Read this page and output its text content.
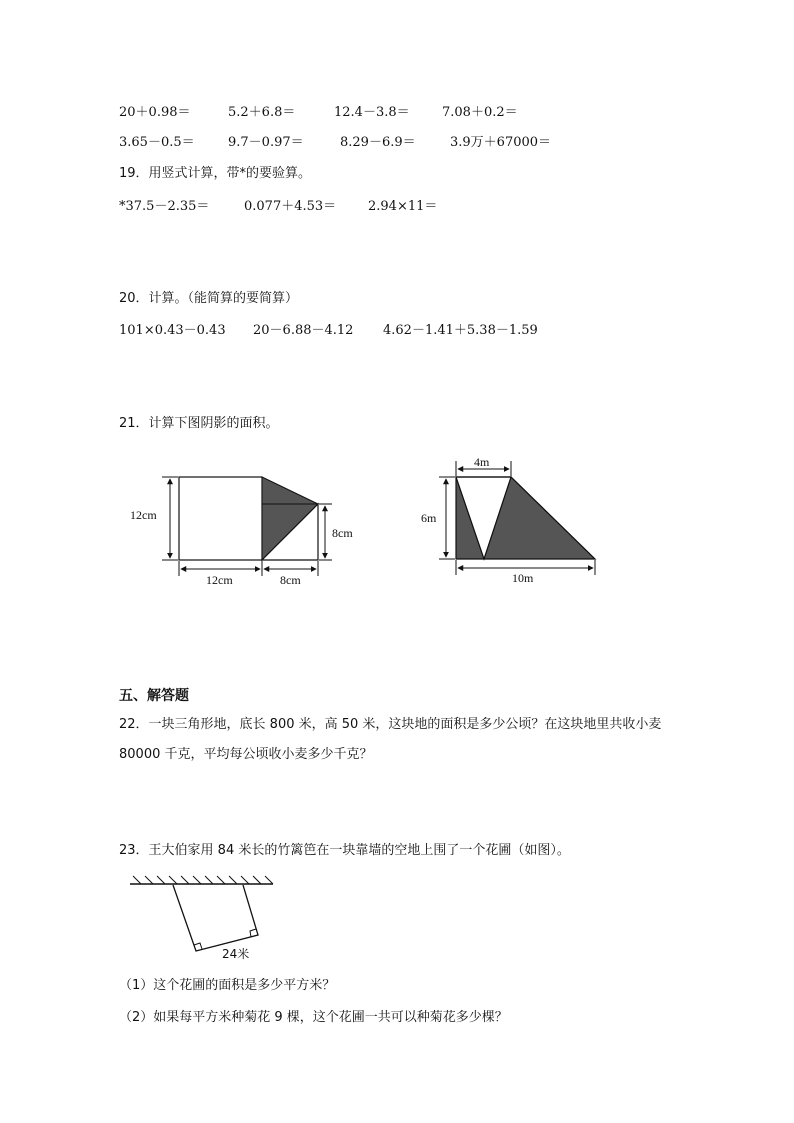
20＋0.98＝	5.2＋6.8＝	12.4－3.8＝ 7.08＋0.2＝
3.65－0.5＝	9.7－0.97＝	8.29－6.9＝	3.9万＋67000＝
19．用竖式计算，带*的要验算。
*37.5－2.35＝	0.077＋4.53＝ 2.94×11＝
20．计算。（能简算的要简算）
101×0.43－0.43 20－6.88－4.12 4.62－1.41＋5.38－1.59
21．计算下图阴影的面积。
12cm
8cm
12cm	8cm
4m
6m
10m
五、解答题
22．一块三角形地，底长 800 米，高 50 米，这块地的面积是多少公顷？在这块地里共收小麦 80000 千克，平均每公顷收小麦多少千克？
23．王大伯家用 84 米长的竹篱笆在一块靠墙的空地上围了一个花圃（如图）。
24米
（1）这个花圃的面积是多少平方米？
（2）如果每平方米种菊花 9 棵，这个花圃一共可以种菊花多少棵？
